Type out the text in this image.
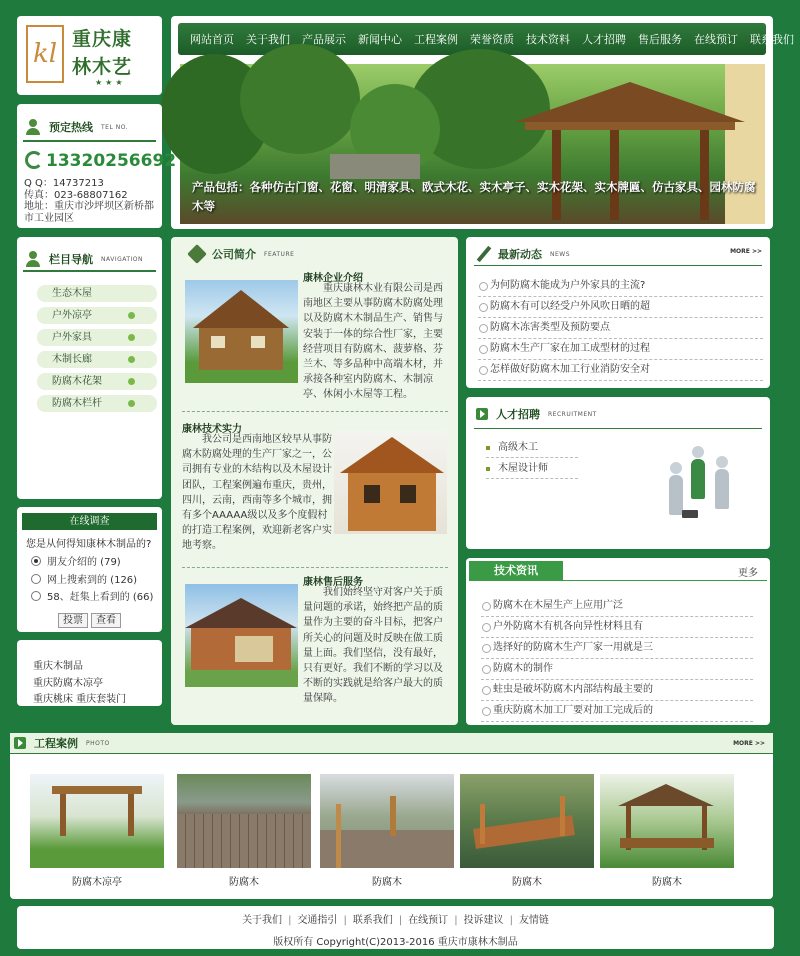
kl 重庆康
林木艺
★★★
网站首页	关于我们	产品展示	新闻中心	工程案例	荣誉资质	技术资料	人才招聘	售后服务	在线预订	联系我们
产品包括：各种仿古门窗、花窗、明清家具、欧式木花、实木亭子、实木花架、实木牌匾、仿古家具、园林防腐木等
预定热线 TEL NO.
13320256692
Q Q：14737213
传真：023-68807162
地址：重庆市沙坪坝区新桥都市工业园区
栏目导航 NAVIGATION
生态木屋
户外凉亭
户外家具
木制长廊
防腐木花架
防腐木栏杆
在线调查
您是从何得知康林木制品的?
朋友介绍的 (79)
网上搜索到的 (126)
58、赶集上看到的 (66)
投票	查看
重庆木制品
重庆防腐木凉亭
重庆桃床 重庆套装门
公司简介 FEATURE
康林企业介绍
重庆康林木业有限公司是西南地区主要从事防腐木防腐处理以及防腐木木制品生产、销售与安装于一体的综合性厂家，主要经营项目有防腐木、菠萝格、芬兰木、等多品种中高端木材，并承接各种室内防腐木、木制凉亭、休闲小木屋等工程。
康林技术实力
我公司是西南地区较早从事防腐木防腐处理的生产厂家之一，公司拥有专业的木结构以及木屋设计团队，工程案例遍布重庆，贵州，四川，云南，西南等多个城市，拥有多个AAAAA级以及多个度假村的打造工程案例，欢迎新老客户实地考察。
康林售后服务
我们始终坚守对客户关于质量问题的承诺，始终把产品的质量作为主要的奋斗目标，把客户所关心的问题及时反映在做工质量上面。我们坚信，没有最好，只有更好。我们不断的学习以及不断的实践就是给客户最大的质量保障。
最新动态 NEWS	MORE >>
为何防腐木能成为户外家具的主流?
防腐木有可以经受户外风吹日晒的超
防腐木冻害类型及预防要点
防腐木生产厂家在加工成型材的过程
怎样做好防腐木加工行业消防安全对
人才招聘 RECRUITMENT
高级木工
木屋设计师
技术资讯	更多
防腐木在木屋生产上应用广泛
户外防腐木有机各向异性材料且有
选择好的防腐木生产厂家一用就是三
防腐木的制作
蛀虫是破坏防腐木内部结构最主要的
重庆防腐木加工厂要对加工完成后的
工程案例 PHOTO	MORE >>
防腐木凉亭	防腐木	防腐木	防腐木	防腐木
关于我们 | 交通指引 | 联系我们 | 在线预订 | 投诉建议 | 友情链
版权所有 Copyright(C)2013-2016 重庆市康林木制品
